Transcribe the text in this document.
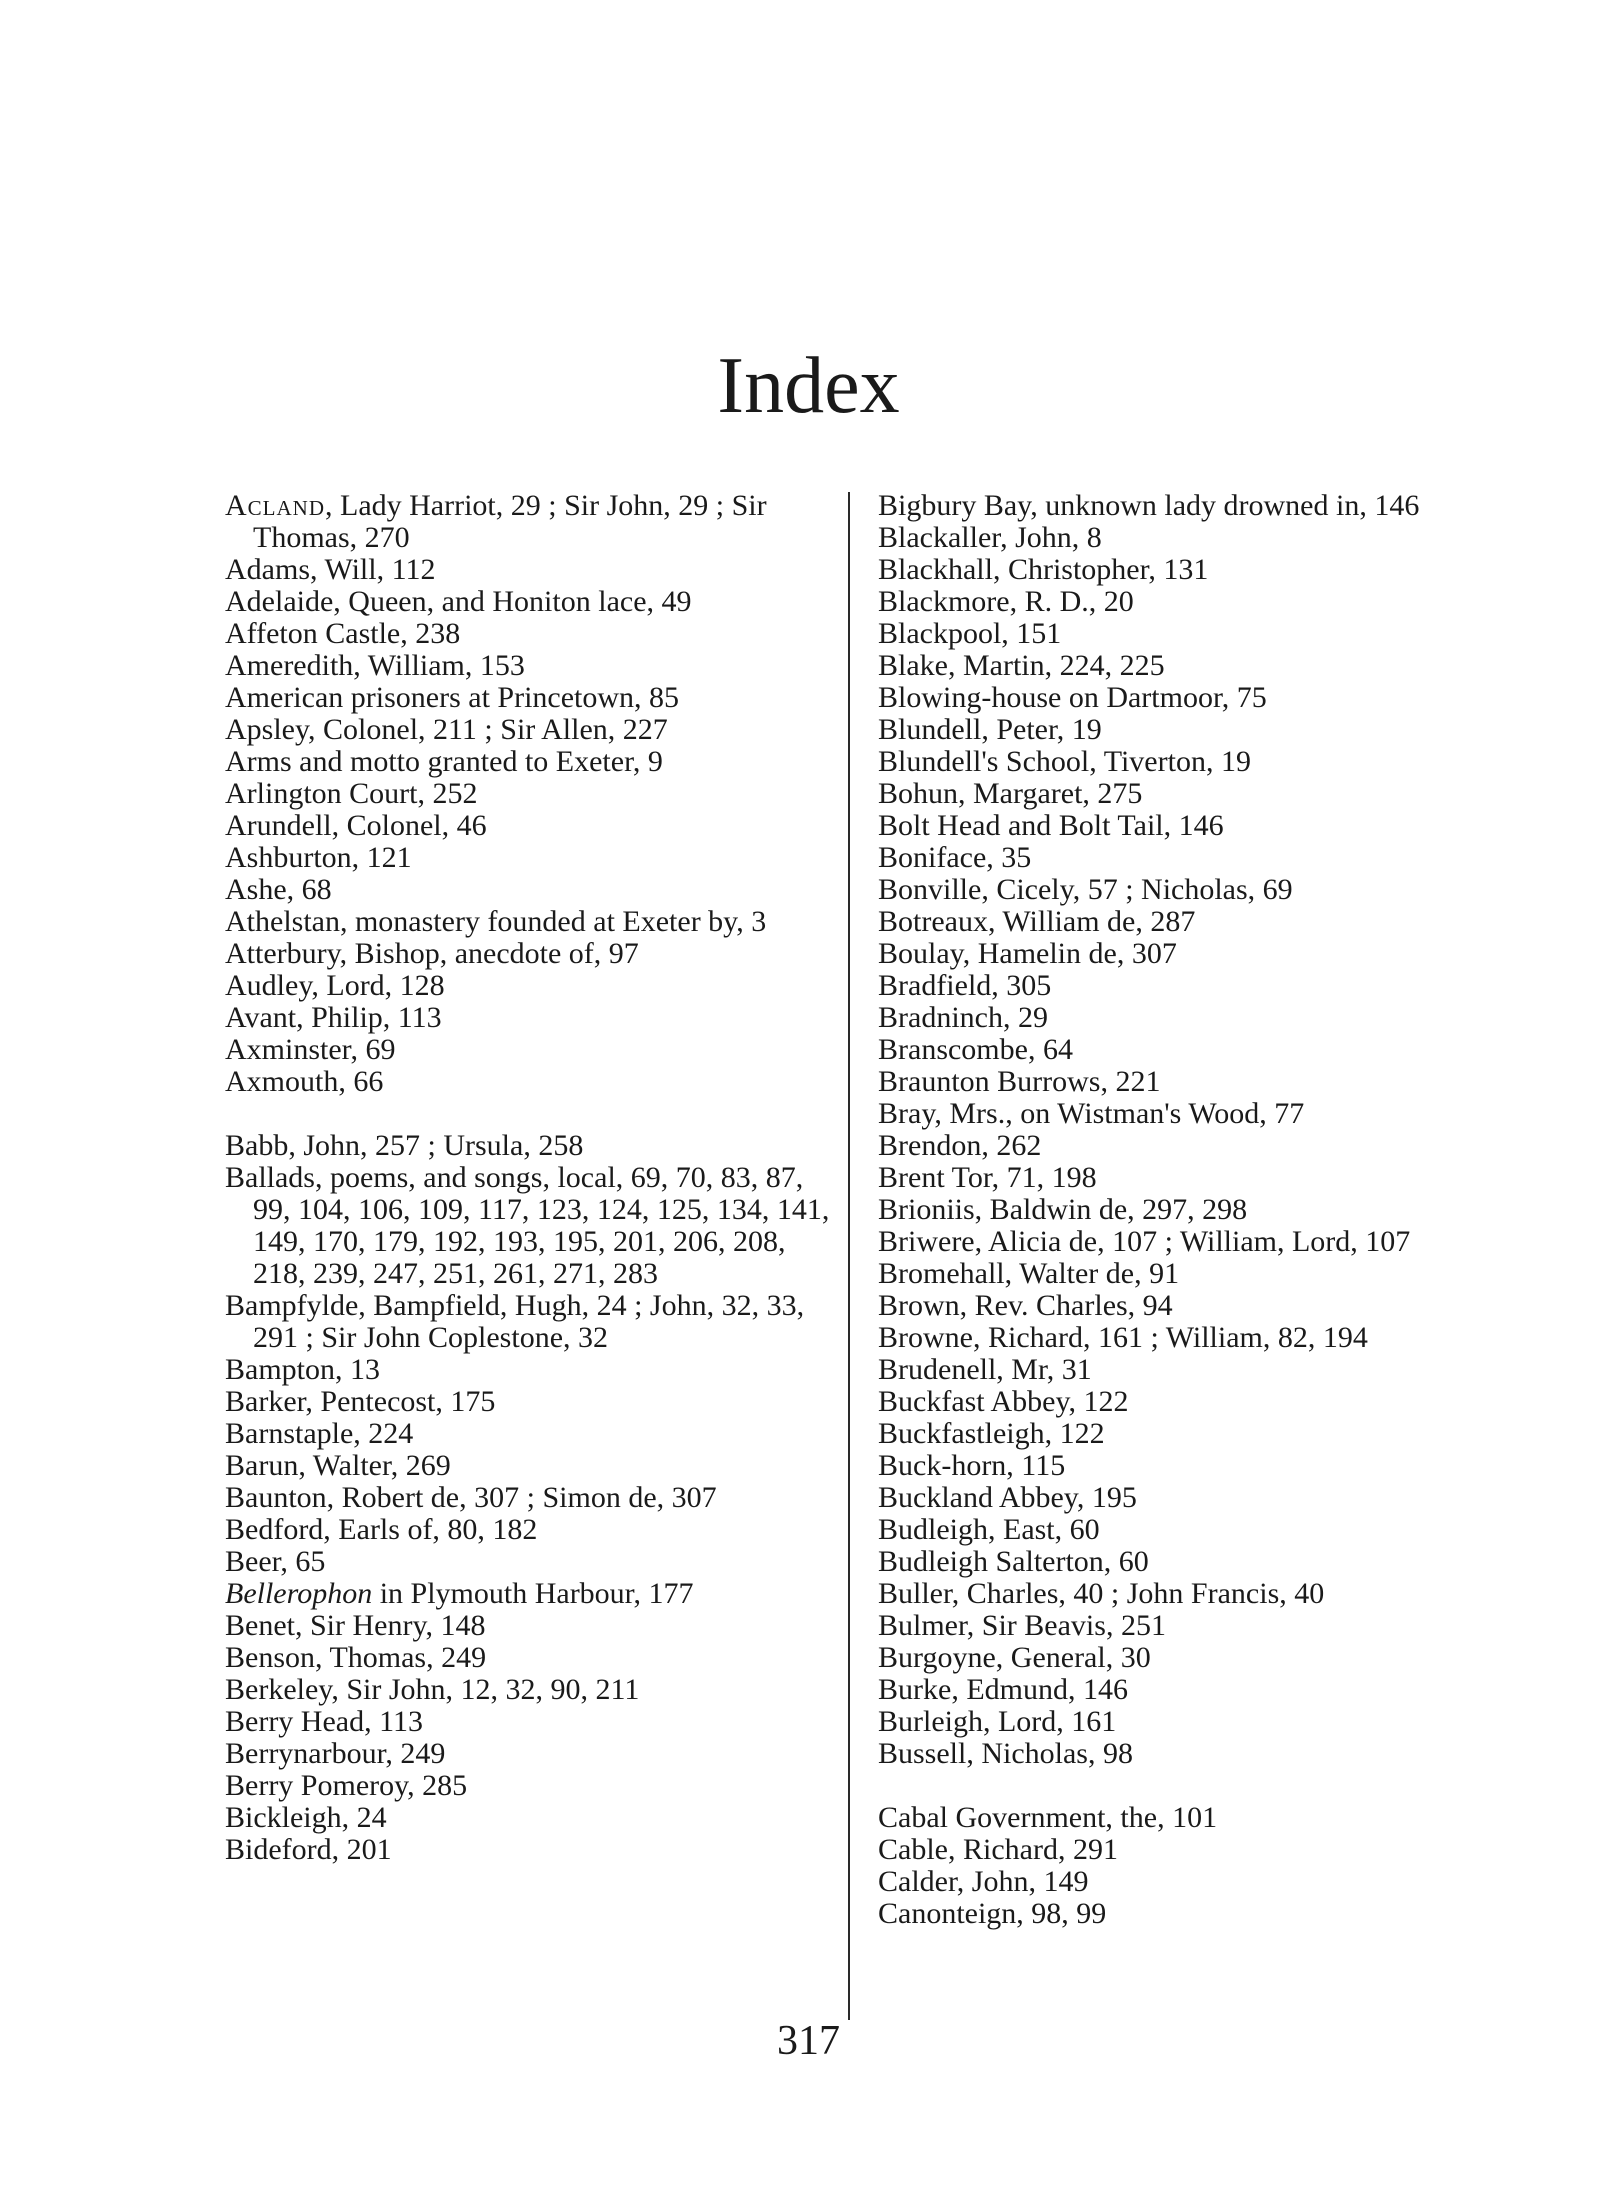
Index

Acland, Lady Harriot, 29 ; Sir John, 29 ; Sir Thomas, 270

Adams, Will, 112

Adelaide, Queen, and Honiton lace, 49

Affeton Castle, 238

Ameredith, William, 153

American prisoners at Princetown, 85

Apsley, Colonel, 211 ; Sir Allen, 227

Arms and motto granted to Exeter, 9

Arlington Court, 252

Arundell, Colonel, 46

Ashburton, 121

Ashe, 68

Athelstan, monastery founded at Exeter by, 3

Atterbury, Bishop, anecdote of, 97

Audley, Lord, 128

Avant, Philip, 113

Axminster, 69

Axmouth, 66

Babb, John, 257 ; Ursula, 258

Ballads, poems, and songs, local, 69, 70, 83, 87, 99, 104, 106, 109, 117, 123, 124, 125, 134, 141, 149, 170, 179, 192, 193, 195, 201, 206, 208, 218, 239, 247, 251, 261, 271, 283

Bampfylde, Bampfield, Hugh, 24 ; John, 32, 33, 291 ; Sir John Coplestone, 32

Bampton, 13

Barker, Pentecost, 175

Barnstaple, 224

Barun, Walter, 269

Baunton, Robert de, 307 ; Simon de, 307

Bedford, Earls of, 80, 182

Beer, 65

Bellerophon in Plymouth Harbour, 177

Benet, Sir Henry, 148

Benson, Thomas, 249

Berkeley, Sir John, 12, 32, 90, 211

Berry Head, 113

Berrynarbour, 249

Berry Pomeroy, 285

Bickleigh, 24

Bideford, 201

Bigbury Bay, unknown lady drowned in, 146

Blackaller, John, 8

Blackhall, Christopher, 131

Blackmore, R. D., 20

Blackpool, 151

Blake, Martin, 224, 225

Blowing-house on Dartmoor, 75

Blundell, Peter, 19

Blundell's School, Tiverton, 19

Bohun, Margaret, 275

Bolt Head and Bolt Tail, 146

Boniface, 35

Bonville, Cicely, 57 ; Nicholas, 69

Botreaux, William de, 287

Boulay, Hamelin de, 307

Bradfield, 305

Bradninch, 29

Branscombe, 64

Braunton Burrows, 221

Bray, Mrs., on Wistman's Wood, 77

Brendon, 262

Brent Tor, 71, 198

Brioniis, Baldwin de, 297, 298

Briwere, Alicia de, 107 ; William, Lord, 107

Bromehall, Walter de, 91

Brown, Rev. Charles, 94

Browne, Richard, 161 ; William, 82, 194

Brudenell, Mr, 31

Buckfast Abbey, 122

Buckfastleigh, 122

Buck-horn, 115

Buckland Abbey, 195

Budleigh, East, 60

Budleigh Salterton, 60

Buller, Charles, 40 ; John Francis, 40

Bulmer, Sir Beavis, 251

Burgoyne, General, 30

Burke, Edmund, 146

Burleigh, Lord, 161

Bussell, Nicholas, 98

Cabal Government, the, 101

Cable, Richard, 291

Calder, John, 149

Canonteign, 98, 99

317
